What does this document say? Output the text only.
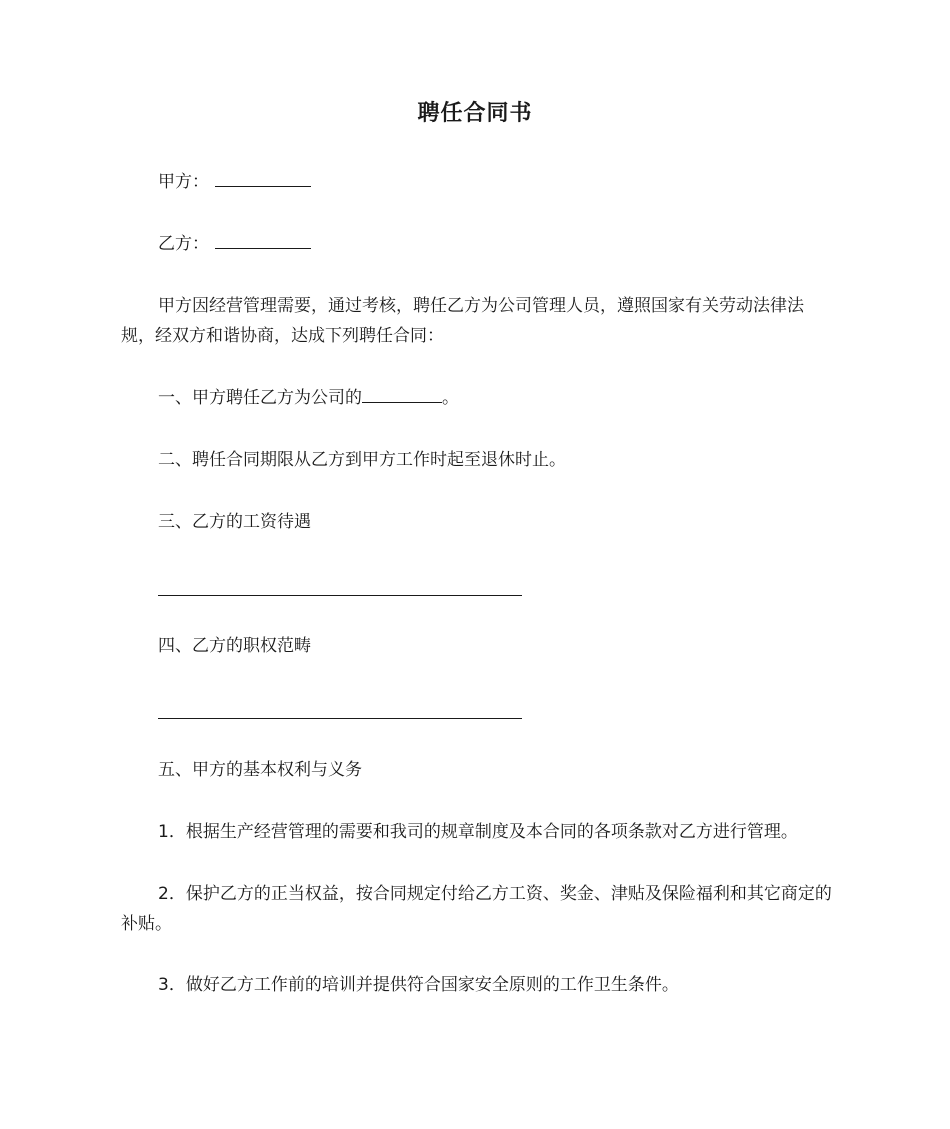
聘任合同书
甲方：
乙方：
甲方因经营管理需要，通过考核，聘任乙方为公司管理人员，遵照国家有关劳动法律法规，经双方和谐协商，达成下列聘任合同：
一、甲方聘任乙方为公司的	。
二、聘任合同期限从乙方到甲方工作时起至退休时止。
三、乙方的工资待遇
四、乙方的职权范畴
五、甲方的基本权利与义务
1．根据生产经营管理的需要和我司的规章制度及本合同的各项条款对乙方进行管理。
2．保护乙方的正当权益，按合同规定付给乙方工资、奖金、津贴及保险福利和其它商定的补贴。
3．做好乙方工作前的培训并提供符合国家安全原则的工作卫生条件。
